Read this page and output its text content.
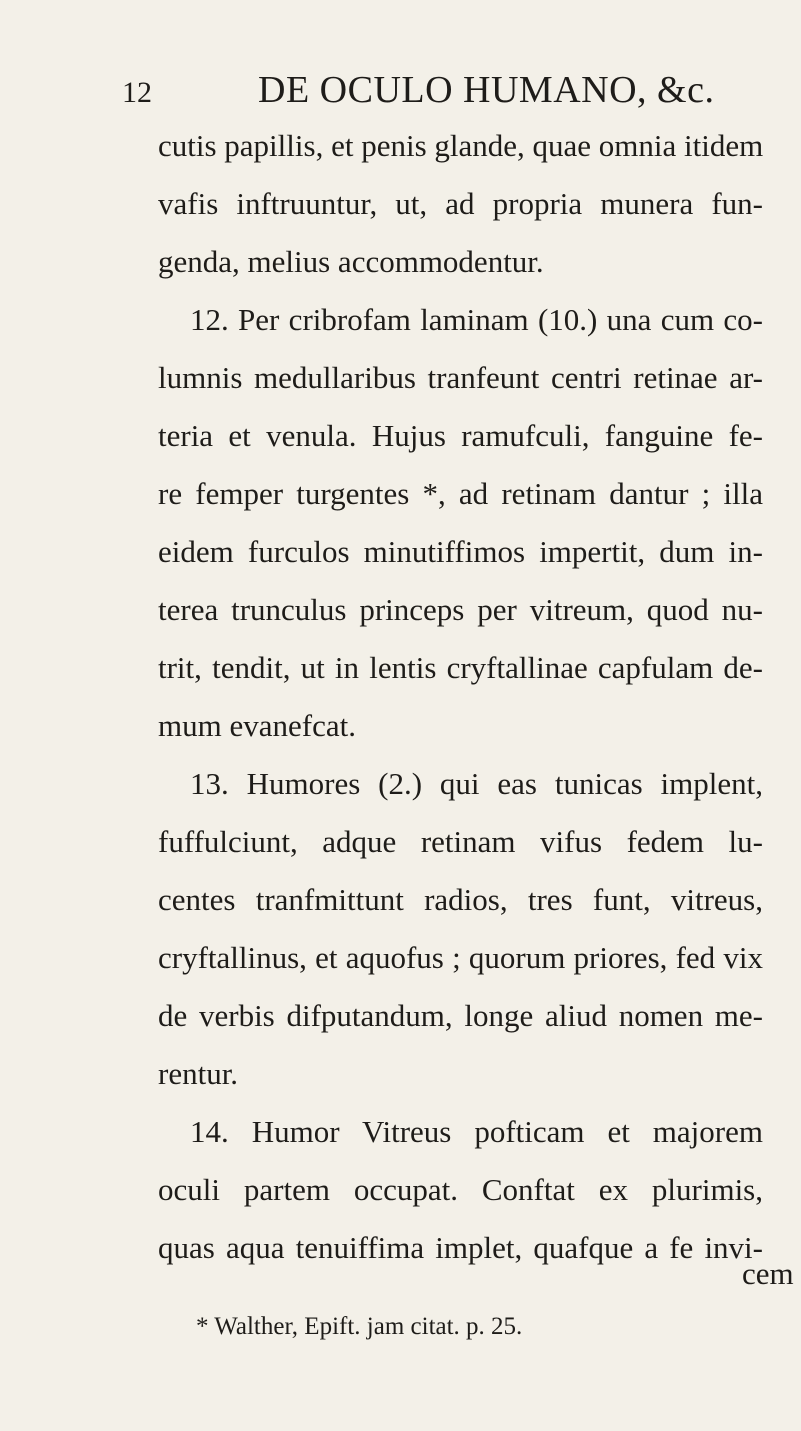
12	DE OCULO HUMANO, &c.
cutis papillis, et penis glande, quae omnia itidem
vafis inftruuntur, ut, ad propria munera fun-
genda, melius accommodentur.
12. Per cribrofam laminam (10.) una cum co-
lumnis medullaribus tranfeunt centri retinae ar-
teria et venula. Hujus ramufculi, fanguine fe-
re femper turgentes *, ad retinam dantur ; illa
eidem furculos minutiffimos impertit, dum in-
terea trunculus princeps per vitreum, quod nu-
trit, tendit, ut in lentis cryftallinae capfulam de-
mum evanefcat.
13. Humores (2.) qui eas tunicas implent,
fuffulciunt, adque retinam vifus fedem lu-
centes tranfmittunt radios, tres funt, vitreus,
cryftallinus, et aquofus ; quorum priores, fed vix
de verbis difputandum, longe aliud nomen me-
rentur.
14. Humor Vitreus pofticam et majorem
oculi partem occupat. Conftat ex plurimis,
quas aqua tenuiffima implet, quafque a fe invi-
cem
* Walther, Epift. jam citat. p. 25.
